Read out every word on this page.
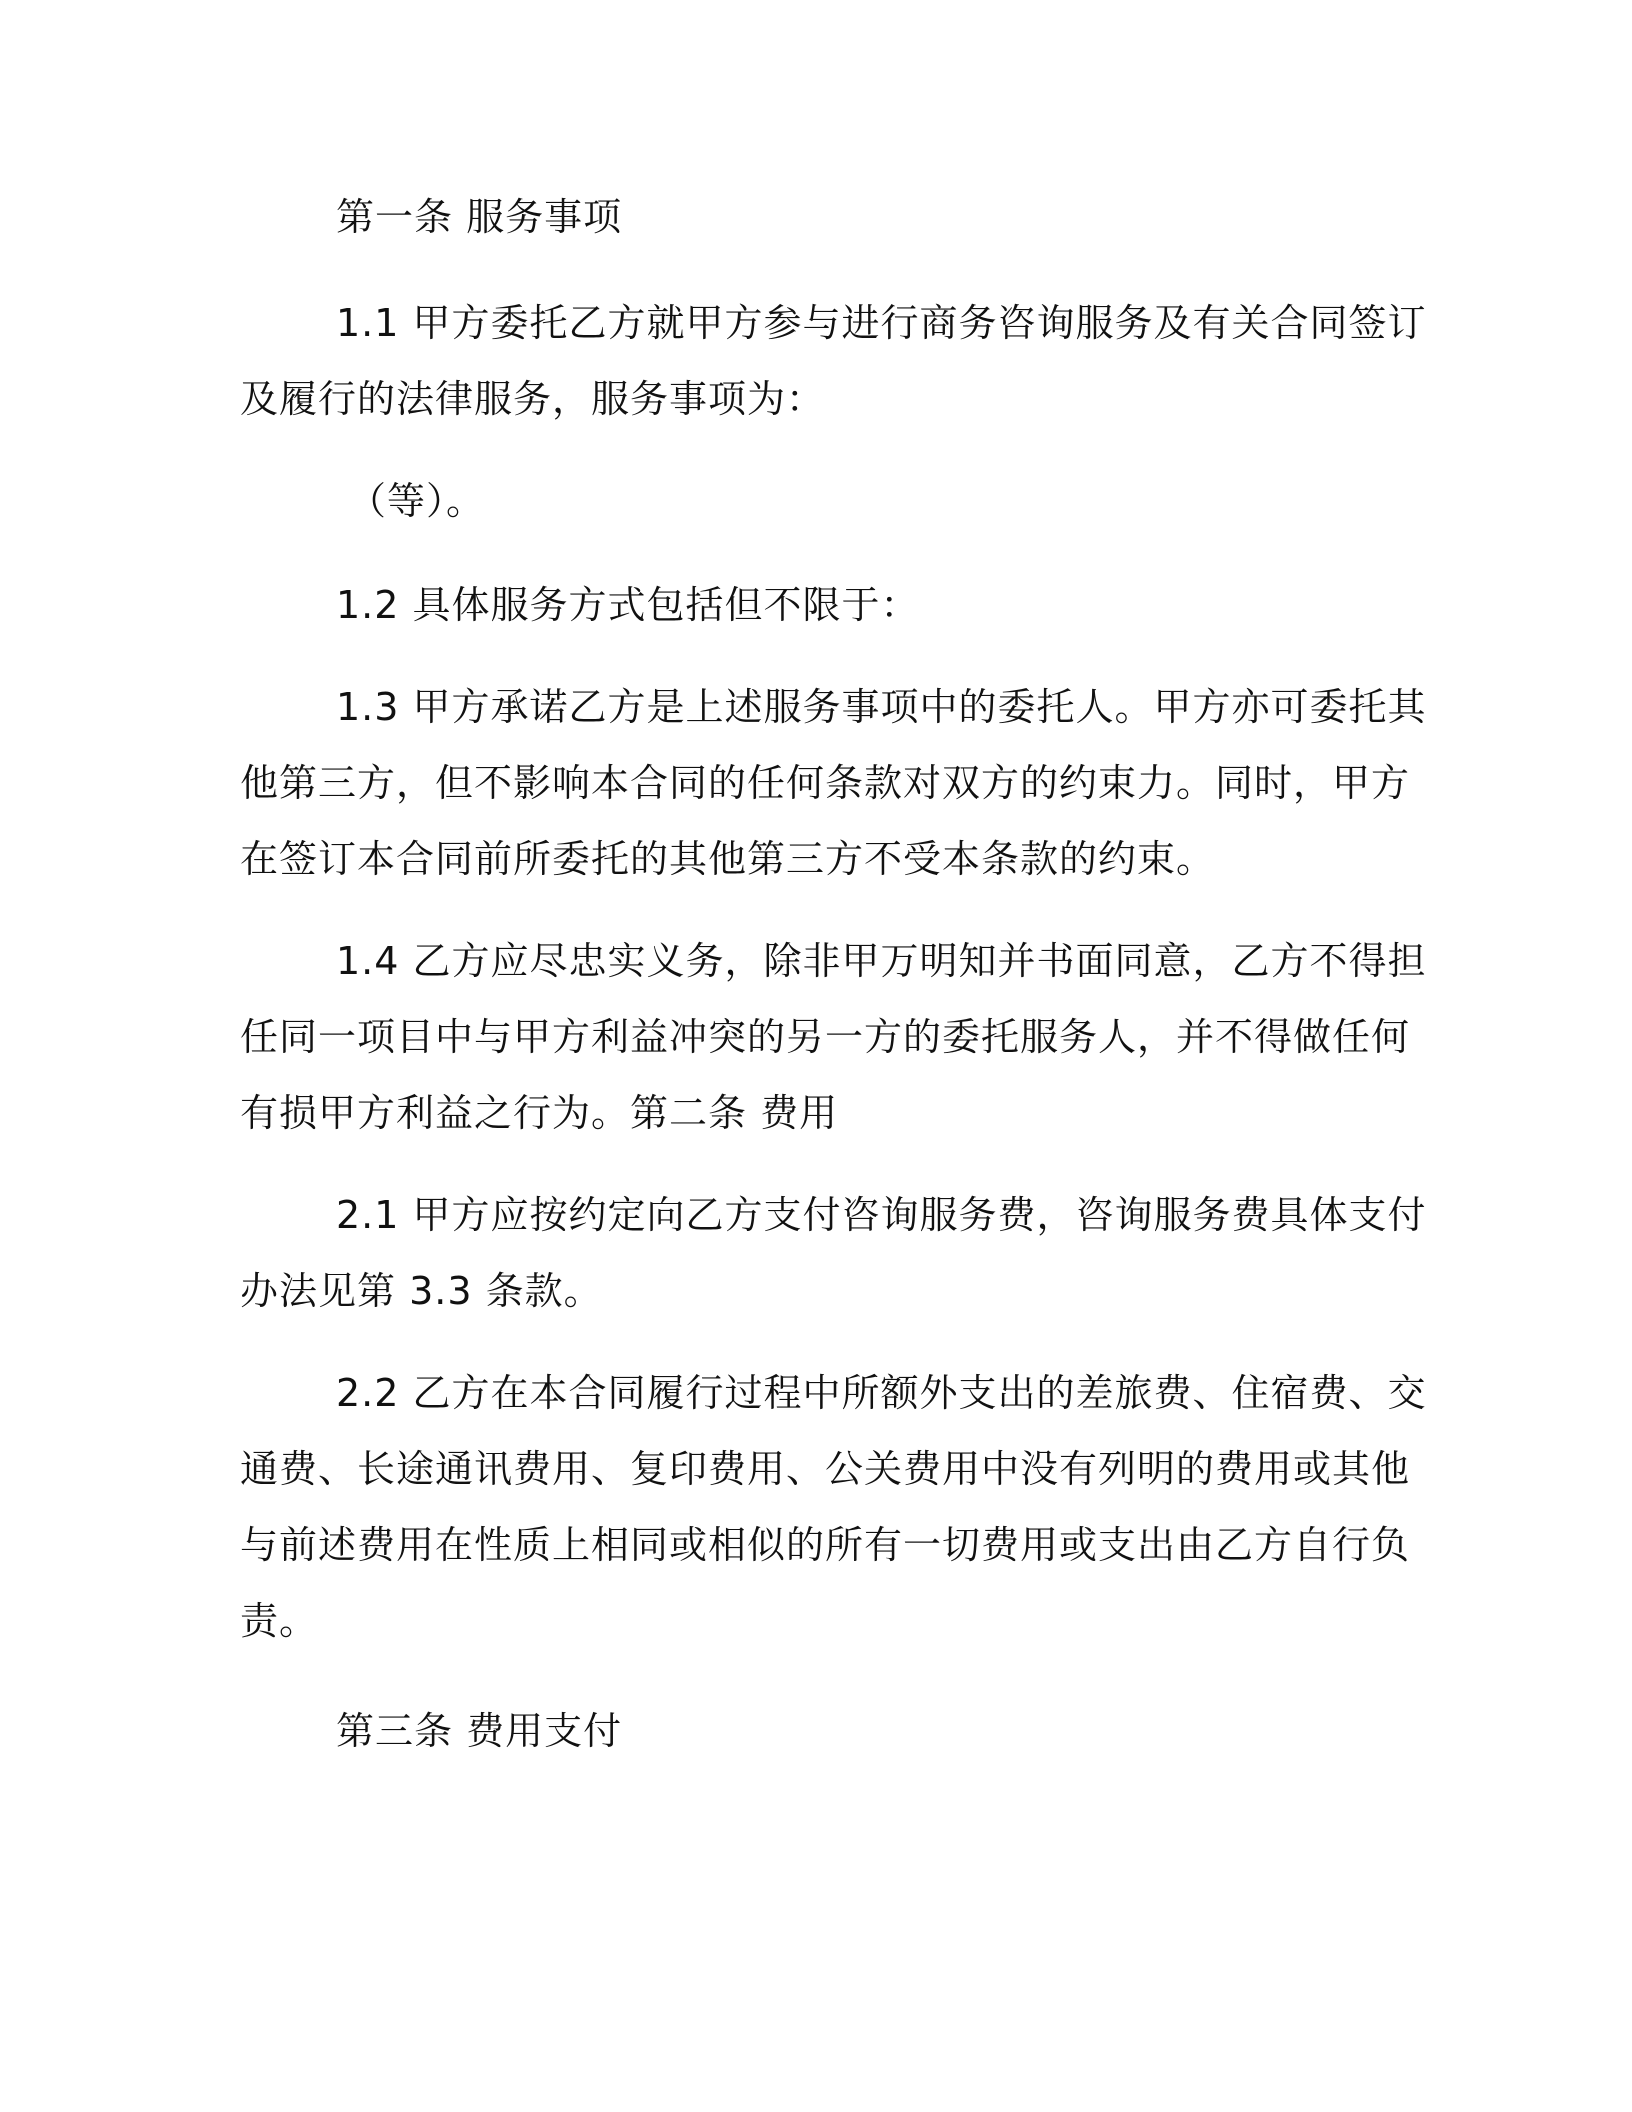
第一条 服务事项
1.1 甲方委托乙方就甲方参与进行商务咨询服务及有关合同签订
及履行的法律服务，服务事项为：
（等）。
1.2 具体服务方式包括但不限于：
1.3 甲方承诺乙方是上述服务事项中的委托人。甲方亦可委托其
他第三方，但不影响本合同的任何条款对双方的约束力。同时，甲方
在签订本合同前所委托的其他第三方不受本条款的约束。
1.4 乙方应尽忠实义务，除非甲万明知并书面同意，乙方不得担
任同一项目中与甲方利益冲突的另一方的委托服务人，并不得做任何
有损甲方利益之行为。第二条 费用
2.1 甲方应按约定向乙方支付咨询服务费，咨询服务费具体支付
办法见第 3.3 条款。
2.2 乙方在本合同履行过程中所额外支出的差旅费、住宿费、交
通费、长途通讯费用、复印费用、公关费用中没有列明的费用或其他
与前述费用在性质上相同或相似的所有一切费用或支出由乙方自行负
责。
第三条 费用支付
